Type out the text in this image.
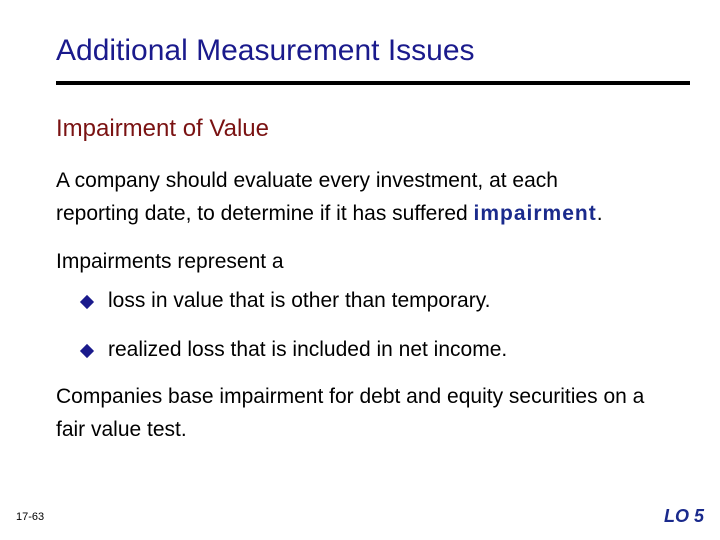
Additional Measurement Issues
Impairment of Value
A company should evaluate every investment, at each
reporting date, to determine if it has suffered impairment.
Impairments represent a
loss in value that is other than temporary.
realized loss that is included in net income.
Companies base impairment for debt and equity securities on a
fair value test.
17-63	LO 5
